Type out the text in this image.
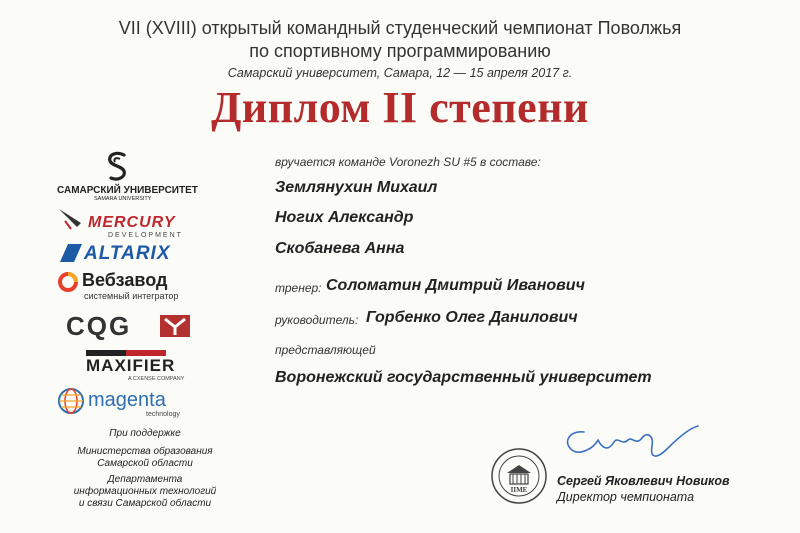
VII (XVIII) открытый командный студенческий чемпионат Поволжья
по спортивному программированию
Самарский университет, Самара, 12 — 15 апреля 2017 г.
Диплом II степени
САМАРСКИЙ УНИВЕРСИТЕТ
SAMARA UNIVERSITY
MERCURY
DEVELOPMENT
ALTARIX
Вебзавод
системный интегратор
CQG
MAXIFIER
A CXENSE COMPANY
magenta
technology
При поддержке
Министерства образования
Самарской области
Департамента
информационных технологий
и связи Самарской области
вручается команде Voronezh SU #5 в составе:
Землянухин Михаил
Ногих Александр
Скобанева Анна
тренер: Соломатин Дмитрий Иванович
руководитель: Горбенко Олег Данилович
представляющей
Воронежский государственный университет
IIME
Сергей Яковлевич Новиков
Директор чемпионата
